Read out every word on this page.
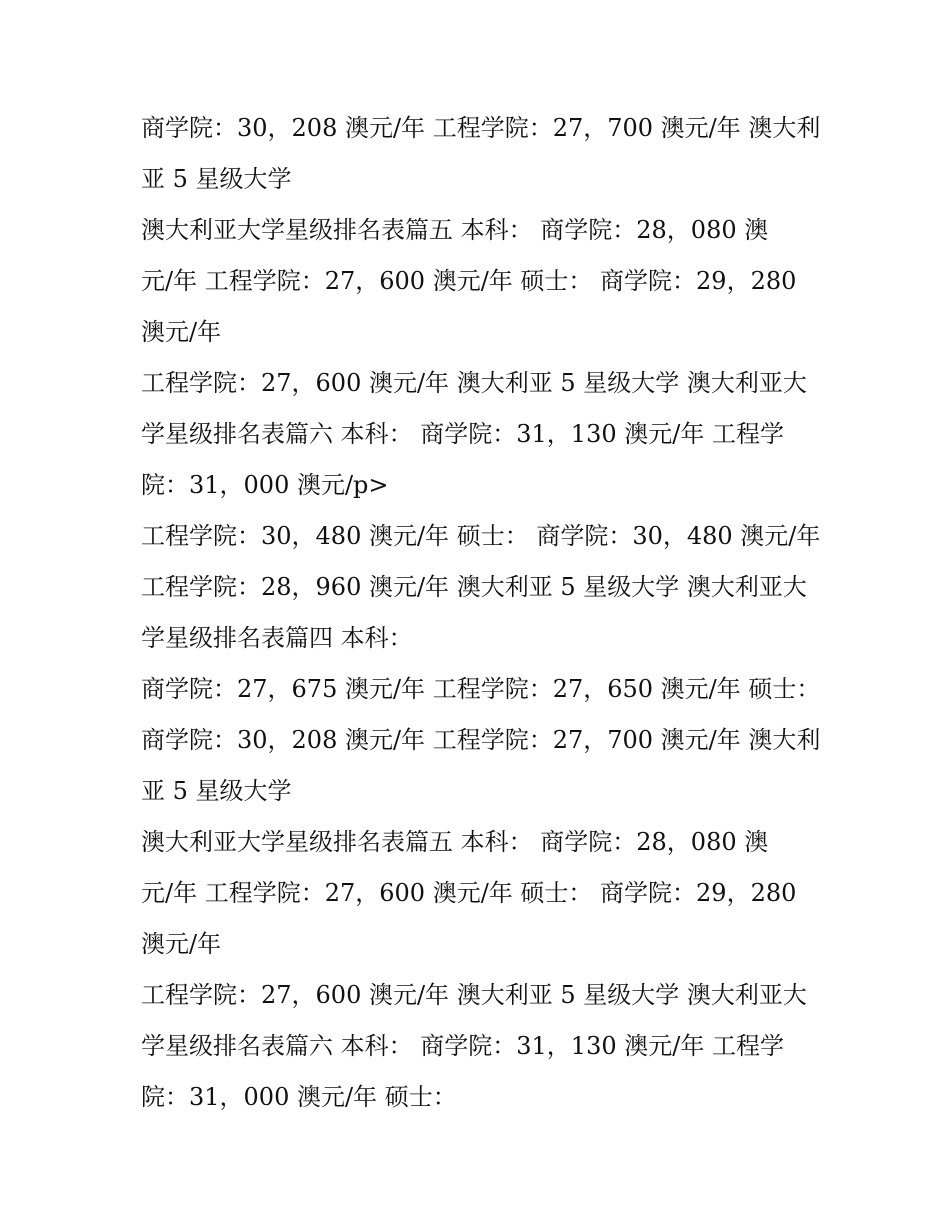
商学院：30，208 澳元/年 工程学院：27，700 澳元/年 澳大利
亚 5 星级大学
澳大利亚大学星级排名表篇五 本科： 商学院：28，080 澳
元/年 工程学院：27，600 澳元/年 硕士： 商学院：29，280
澳元/年
工程学院：27，600 澳元/年 澳大利亚 5 星级大学 澳大利亚大
学星级排名表篇六 本科： 商学院：31，130 澳元/年 工程学
院：31，000 澳元/p>
工程学院：30，480 澳元/年 硕士： 商学院：30，480 澳元/年
工程学院：28，960 澳元/年 澳大利亚 5 星级大学 澳大利亚大
学星级排名表篇四 本科：
商学院：27，675 澳元/年 工程学院：27，650 澳元/年 硕士：
商学院：30，208 澳元/年 工程学院：27，700 澳元/年 澳大利
亚 5 星级大学
澳大利亚大学星级排名表篇五 本科： 商学院：28，080 澳
元/年 工程学院：27，600 澳元/年 硕士： 商学院：29，280
澳元/年
工程学院：27，600 澳元/年 澳大利亚 5 星级大学 澳大利亚大
学星级排名表篇六 本科： 商学院：31，130 澳元/年 工程学
院：31，000 澳元/年 硕士：
